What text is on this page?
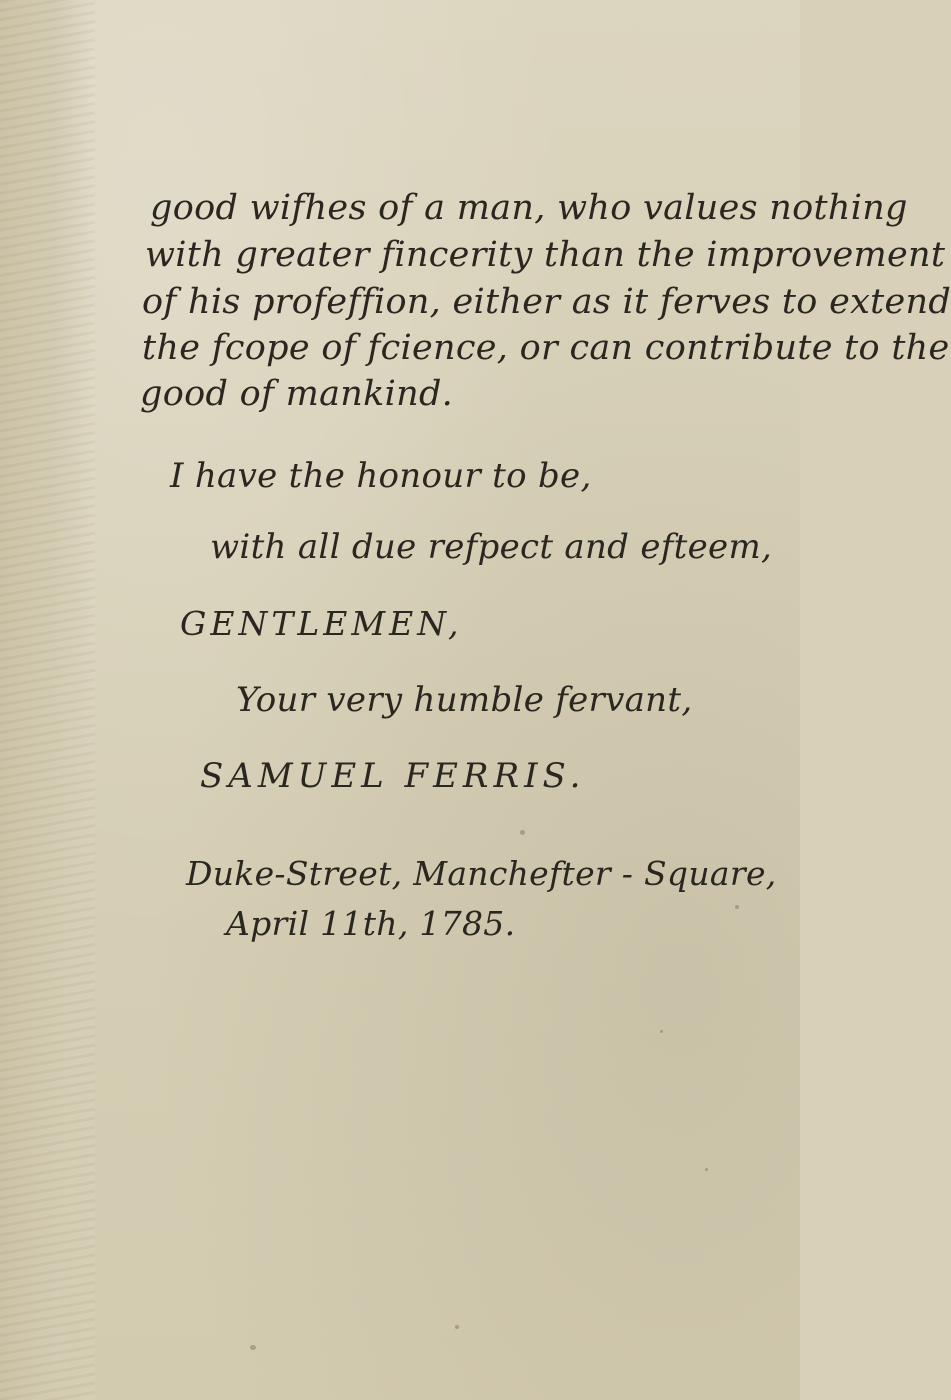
good wifhes of a man, who values nothing
with greater fincerity than the improvement
of his profeffion, either as it ferves to extend
the fcope of fcience, or can contribute to the
good of mankind.
I have the honour to be,
with all due refpect and efteem,
GENTLEMEN,
Your very humble fervant,
SAMUEL FERRIS.
Duke-Street, Manchefter - Square,
April 11th, 1785.
